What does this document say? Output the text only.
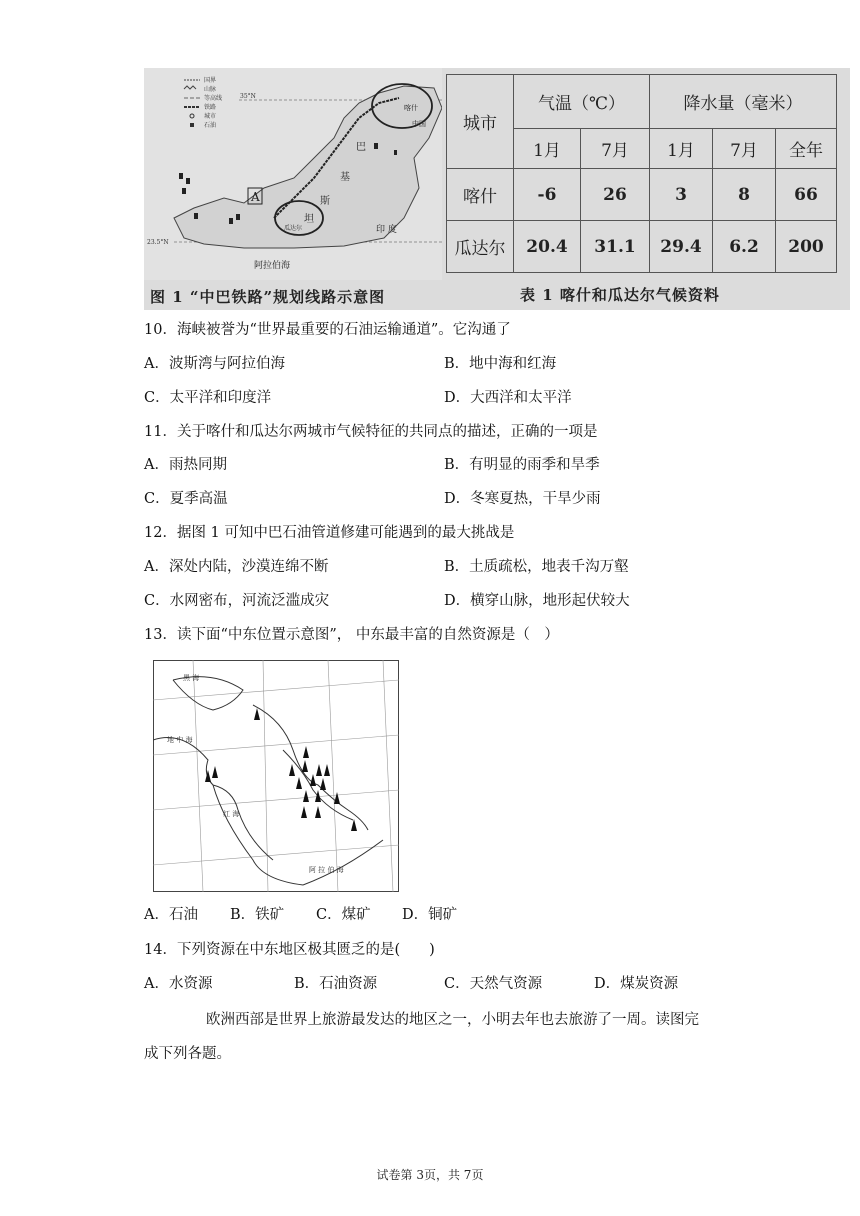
国界
山脉
等高线
铁路
城市
石油
35°N
23.5°N
A
喀什
中国
巴
基
斯
坦
瓜达尔	印 度
阿拉伯海
城市	气温（℃）		降水量（毫米）		
	1月	7月	1月	7月	全年
喀什	-6	26	3	8	66
瓜达尔	20.4	31.1	29.4	6.2	200
图 1 “中巴铁路”规划线路示意图	表 1 喀什和瓜达尔气候资料
10．海峡被誉为“世界最重要的石油运输通道”。它沟通了
A．波斯湾与阿拉伯海	B．地中海和红海
C．太平洋和印度洋	D．大西洋和太平洋
11．关于喀什和瓜达尔两城市气候特征的共同点的描述，正确的一项是
A．雨热同期	B．有明显的雨季和旱季
C．夏季高温	D．冬寒夏热，干旱少雨
12．据图 1 可知中巴石油管道修建可能遇到的最大挑战是
A．深处内陆，沙漠连绵不断	B．土质疏松，地表千沟万壑
C．水网密布，河流泛滥成灾	D．横穿山脉，地形起伏较大
13．读下面“中东位置示意图”， 中东最丰富的自然资源是（　）
黑 海
地 中 海
红 海
阿 拉 伯 海
A．石油 B．铁矿 C．煤矿 D．铜矿
14．下列资源在中东地区极其匮乏的是(　　)
A．水资源	B．石油资源	C．天然气资源	D．煤炭资源
欧洲西部是世界上旅游最发达的地区之一，小明去年也去旅游了一周。读图完
成下列各题。
试卷第 3页，共 7页
